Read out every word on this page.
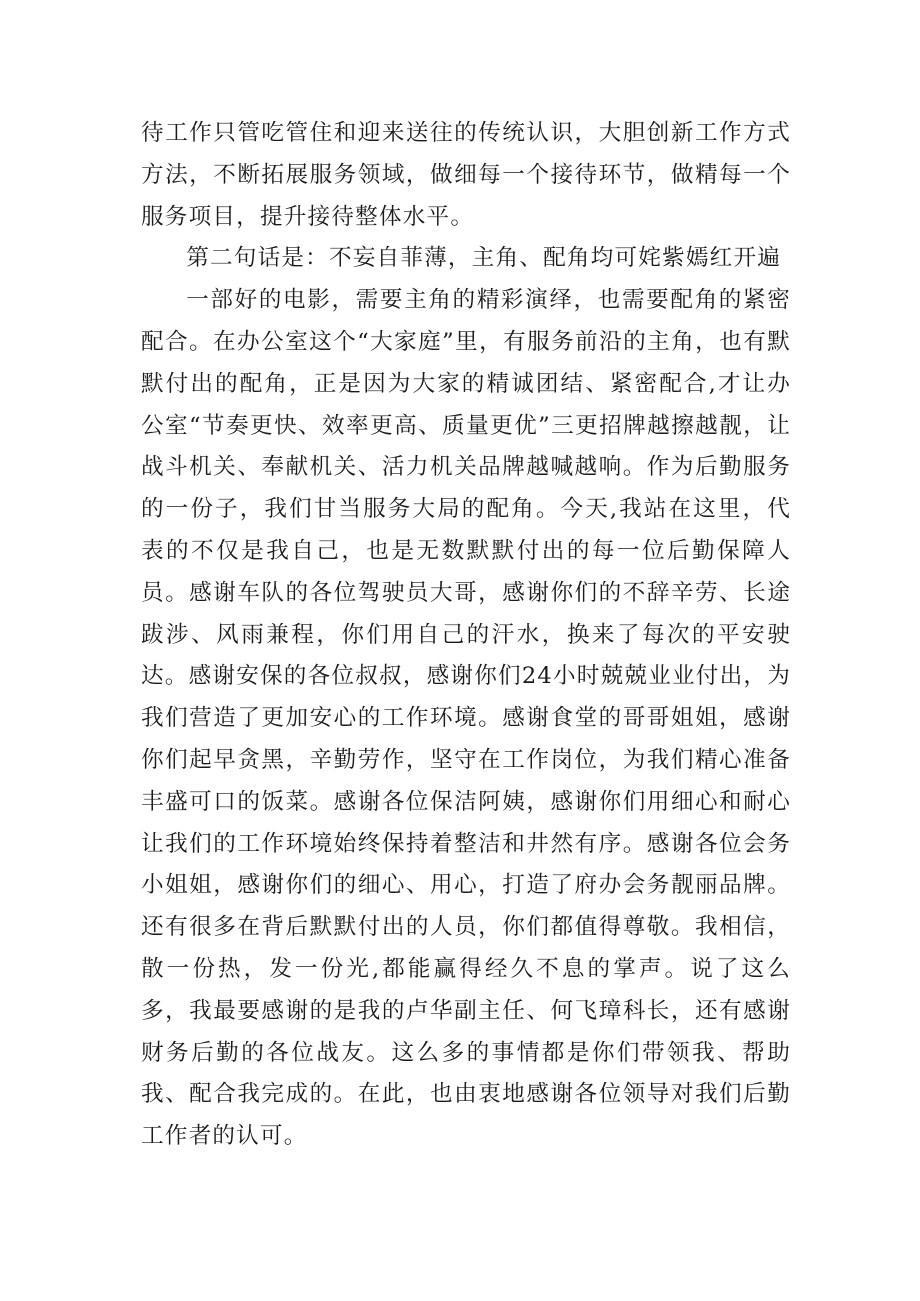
待工作只管吃管住和迎来送往的传统认识，大胆创新工作方式方法，不断拓展服务领域，做细每一个接待环节，做精每一个服务项目，提升接待整体水平。

第二句话是：不妄自菲薄，主角、配角均可姹紫嫣红开遍

一部好的电影，需要主角的精彩演绎，也需要配角的紧密配合。在办公室这个“大家庭”里，有服务前沿的主角，也有默默付出的配角，正是因为大家的精诚团结、紧密配合,才让办公室“节奏更快、效率更高、质量更优”三更招牌越擦越靓，让战斗机关、奉献机关、活力机关品牌越喊越响。作为后勤服务的一份子，我们甘当服务大局的配角。今天,我站在这里，代表的不仅是我自己，也是无数默默付出的每一位后勤保障人员。感谢车队的各位驾驶员大哥，感谢你们的不辞辛劳、长途跋涉、风雨兼程，你们用自己的汗水，换来了每次的平安驶达。感谢安保的各位叔叔，感谢你们24小时兢兢业业付出，为我们营造了更加安心的工作环境。感谢食堂的哥哥姐姐，感谢你们起早贪黑，辛勤劳作，坚守在工作岗位，为我们精心准备丰盛可口的饭菜。感谢各位保洁阿姨，感谢你们用细心和耐心让我们的工作环境始终保持着整洁和井然有序。感谢各位会务小姐姐，感谢你们的细心、用心，打造了府办会务靓丽品牌。还有很多在背后默默付出的人员，你们都值得尊敬。我相信，散一份热，发一份光,都能赢得经久不息的掌声。说了这么多，我最要感谢的是我的卢华副主任、何飞璋科长，还有感谢财务后勤的各位战友。这么多的事情都是你们带领我、帮助我、配合我完成的。在此，也由衷地感谢各位领导对我们后勤工作者的认可。
